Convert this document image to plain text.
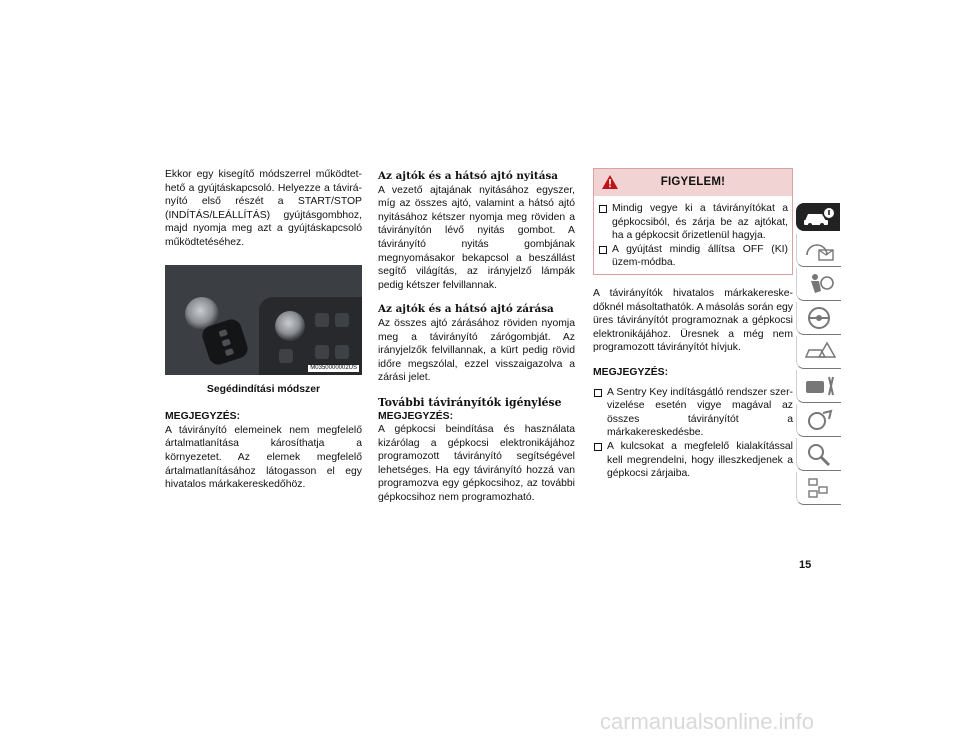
Ekkor egy kisegítő módszerrel működtet-hető a gyújtáskapcsoló. Helyezze a távirá-nyító első részét a START/STOP (INDÍTÁS/LEÁLLÍTÁS) gyújtásgombhoz, majd nyomja meg azt a gyújtáskapcsoló működtetéséhez.

M0350000002US
Segédindítási módszer

MEGJEGYZÉS:

A távirányító elemeinek nem megfelelő ártalmatlanítása károsíthatja a környezetet. Az elemek megfelelő ártalmatlanításához látogasson el egy hivatalos márkakereskedőhöz.

Az ajtók és a hátsó ajtó nyitása

A vezető ajtajának nyitásához egyszer, míg az összes ajtó, valamint a hátsó ajtó nyitásához kétszer nyomja meg röviden a távirányítón lévő nyitás gombot. A távirányító nyitás gombjának megnyomásakor bekapcsol a beszállást segítő világítás, az irányjelző lámpák pedig kétszer felvillannak.

Az ajtók és a hátsó ajtó zárása

Az összes ajtó zárásához röviden nyomja meg a távirányító zárógombját. Az irányjelzők felvillannak, a kürt pedig rövid időre megszólal, ezzel visszaigazolva a zárási jelet.

További távirányítók igénylése

MEGJEGYZÉS:

A gépkocsi beindítása és használata kizárólag a gépkocsi elektronikájához programozott távirányító segítségével lehetséges. Ha egy távirányító hozzá van programozva egy gépkocsihoz, az további gépkocsihoz nem programozható.

FIGYELEM!

Mindig vegye ki a távirányítókat a gépkocsiból, és zárja be az ajtókat, ha a gépkocsit őrizetlenül hagyja.

A gyújtást mindig állítsa OFF (KI) üzem-módba.

A távirányítók hivatalos márkakereske-dőknél másoltathatók. A másolás során egy üres távirányítót programoznak a gépkocsi elektronikájához. Üresnek a még nem programozott távirányítót hívjuk.

MEGJEGYZÉS:

A Sentry Key indításgátló rendszer szer-vizelése esetén vigye magával az összes távirányítót a márkakereskedésbe.

A kulcsokat a megfelelő kialakítással kell megrendelni, hogy illeszkedjenek a gépkocsi zárjaiba.

15
carmanualsonline.info
